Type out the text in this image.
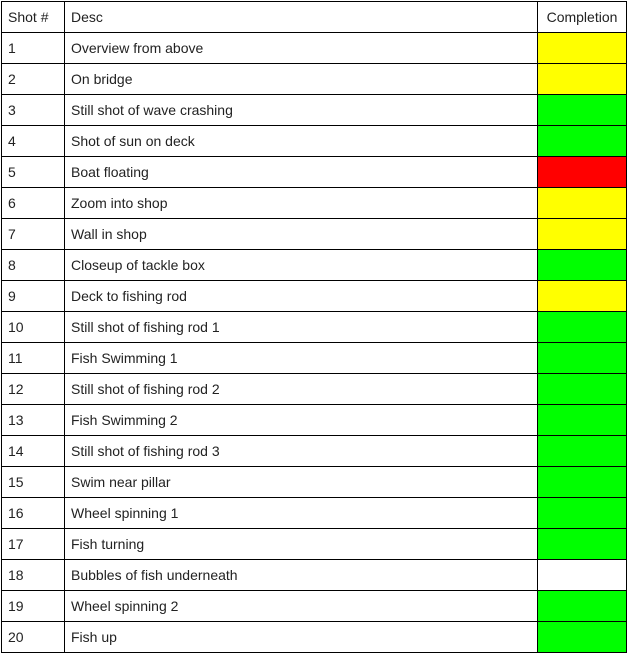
Shot #	Desc	Completion
1	Overview from above	
2	On bridge	
3	Still shot of wave crashing	
4	Shot of sun on deck	
5	Boat floating	
6	Zoom into shop	
7	Wall in shop	
8	Closeup of tackle box	
9	Deck to fishing rod	
10	Still shot of fishing rod 1	
11	Fish Swimming 1	
12	Still shot of fishing rod 2	
13	Fish Swimming 2	
14	Still shot of fishing rod 3	
15	Swim near pillar	
16	Wheel spinning 1	
17	Fish turning	
18	Bubbles of fish underneath	
19	Wheel spinning 2	
20	Fish up	
